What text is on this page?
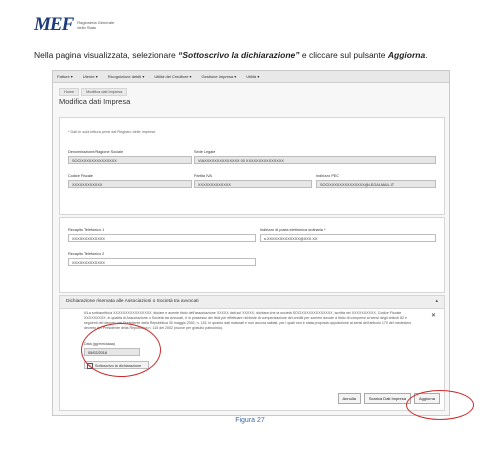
MEF Ragioneria Generale dello Stato
Nella pagina visualizzata, selezionare “Sottoscrivo la dichiarazione” e cliccare sul pulsante Aggiorna.
Fatture ▾	Utente ▾	Ricognizione debiti ▾	Utilità del Creditore ▾	Gestione Impresa ▾	Utilità ▾
Home	Modifica dati Impresa
Modifica dati Impresa
* Dati in sola lettura presi dal Registro delle Imprese
Denominazione/Ragione Sociale
SOCIXXXXXXXXXXXXXX
Sede Legale
VIAXXXXXXXXXXXXXX 00 XXXXXXXXXXXXXXX
Codice Fiscale
XXXXXXXXXXXX
Partita IVA
XXXXXXXXXXXXX
Indirizzo PEC
SOCIXXXXXXXXXXXXXX@LEGALMAIL.IT
Recapito Telefonico 1
XXXXXXXXXXXXX
Indirizzo di posta elettronica ordinaria *
s.XXXXXXXXXXXXX@XXX.XX
Recapito Telefonico 2
XXXXXXXXXXXXX
Dichiarazione riservata alle Associazioni o Società tra avvocati	▴
Il/La sottoscritto/a XXXXXXXXXXXXXXXX, titolare e avente titolo dell'associazione XXXXX dati sul XXXXX, dichiara che la società SOCIXXXXXXXXXXXXX, iscritta nel XXXXXXXXXX, Codice Fiscale XXXXXXXXX, in qualità di Associazione o Società tra avvocati, è in possesso dei titoli per effettuare richieste di compensazione dei crediti per somme dovute a titolo di compensi ai sensi degli articoli 82 e seguenti del decreto del Presidente della Repubblica 30 maggio 2002, n. 115, in quanto dati maturati e non ancora saldati, per i quali non è stata proposta opposizione ai sensi dell'articolo 170 del medesimo decreto del Presidente della Repubblica n. 115 del 2002 (nuove per gratuito patrocinio).
✕
Data (gg/mm/aaaa)
05/02/2016
✓ Sottoscrivo la dichiarazione
Annulla	Scarica Dati Impresa	Aggiorna
Figura 27
